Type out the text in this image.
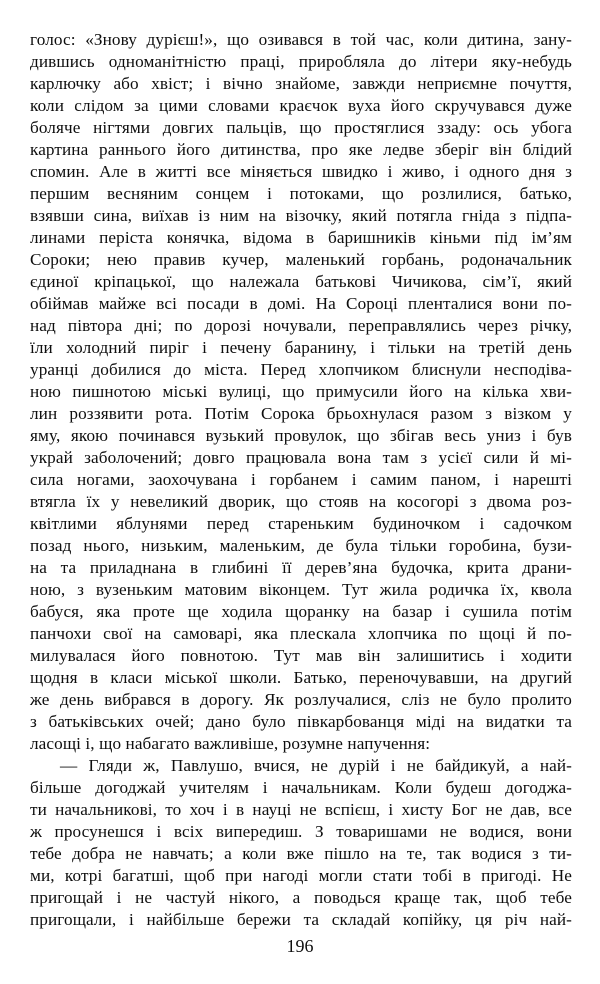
голос: «Знову дурієш!», що озивався в той час, коли дитина, зану-
дившись одноманітністю праці, приробляла до літери яку-небудь
карлючку або хвіст; і вічно знайоме, завжди неприємне почуття,
коли слідом за цими словами краєчок вуха його скручувався дуже
боляче нігтями довгих пальців, що простяглися ззаду: ось убога
картина раннього його дитинства, про яке ледве зберіг він блідий
спомин. Але в житті все міняється швидко і живо, і одного дня з
першим весняним сонцем і потоками, що розлилися, батько,
взявши сина, виїхав із ним на візочку, який потягла гніда з підпа-
линами періста конячка, відома в баришників кіньми під ім’ям
Сороки; нею правив кучер, маленький горбань, родоначальник
єдиної кріпацької, що належала батькові Чичикова, сім’ї, який
обіймав майже всі посади в домі. На Сороці пленталися вони по-
над півтора дні; по дорозі ночували, переправлялись через річку,
їли холодний пиріг і печену баранину, і тільки на третій день
уранці добилися до міста. Перед хлопчиком блиснули несподіва-
ною пишнотою міські вулиці, що примусили його на кілька хви-
лин роззявити рота. Потім Сорока брьохнулася разом з візком у
яму, якою починався вузький провулок, що збігав весь униз і був
украй заболочений; довго працювала вона там з усієї сили й мі-
сила ногами, заохочувана і горбанем і самим паном, і нарешті
втягла їх у невеликий дворик, що стояв на косогорі з двома роз-
квітлими яблунями перед стареньким будиночком і садочком
позад нього, низьким, маленьким, де була тільки горобина, бузи-
на та приладнана в глибині її дерев’яна будочка, крита драни-
ною, з вузеньким матовим віконцем. Тут жила родичка їх, квола
бабуся, яка проте ще ходила щоранку на базар і сушила потім
панчохи свої на самоварі, яка плескала хлопчика по щоці й по-
милувалася його повнотою. Тут мав він залишитись і ходити
щодня в класи міської школи. Батько, переночувавши, на другий
же день вибрався в дорогу. Як розлучалися, сліз не було пролито
з батьківських очей; дано було півкарбованця міді на видатки та
ласощі і, що набагато важливіше, розумне напучення:
— Гляди ж, Павлушо, вчися, не дурій і не байдикуй, а най-
більше догоджай учителям і начальникам. Коли будеш догоджа-
ти начальникові, то хоч і в науці не вспієш, і хисту Бог не дав, все
ж просунешся і всіх випередиш. З товаришами не водися, вони
тебе добра не навчать; а коли вже пішло на те, так водися з ти-
ми, котрі багатші, щоб при нагоді могли стати тобі в пригоді. Не
пригощай і не частуй нікого, а поводься краще так, щоб тебе
пригощали, і найбільше бережи та складай копійку, ця річ най-
196
